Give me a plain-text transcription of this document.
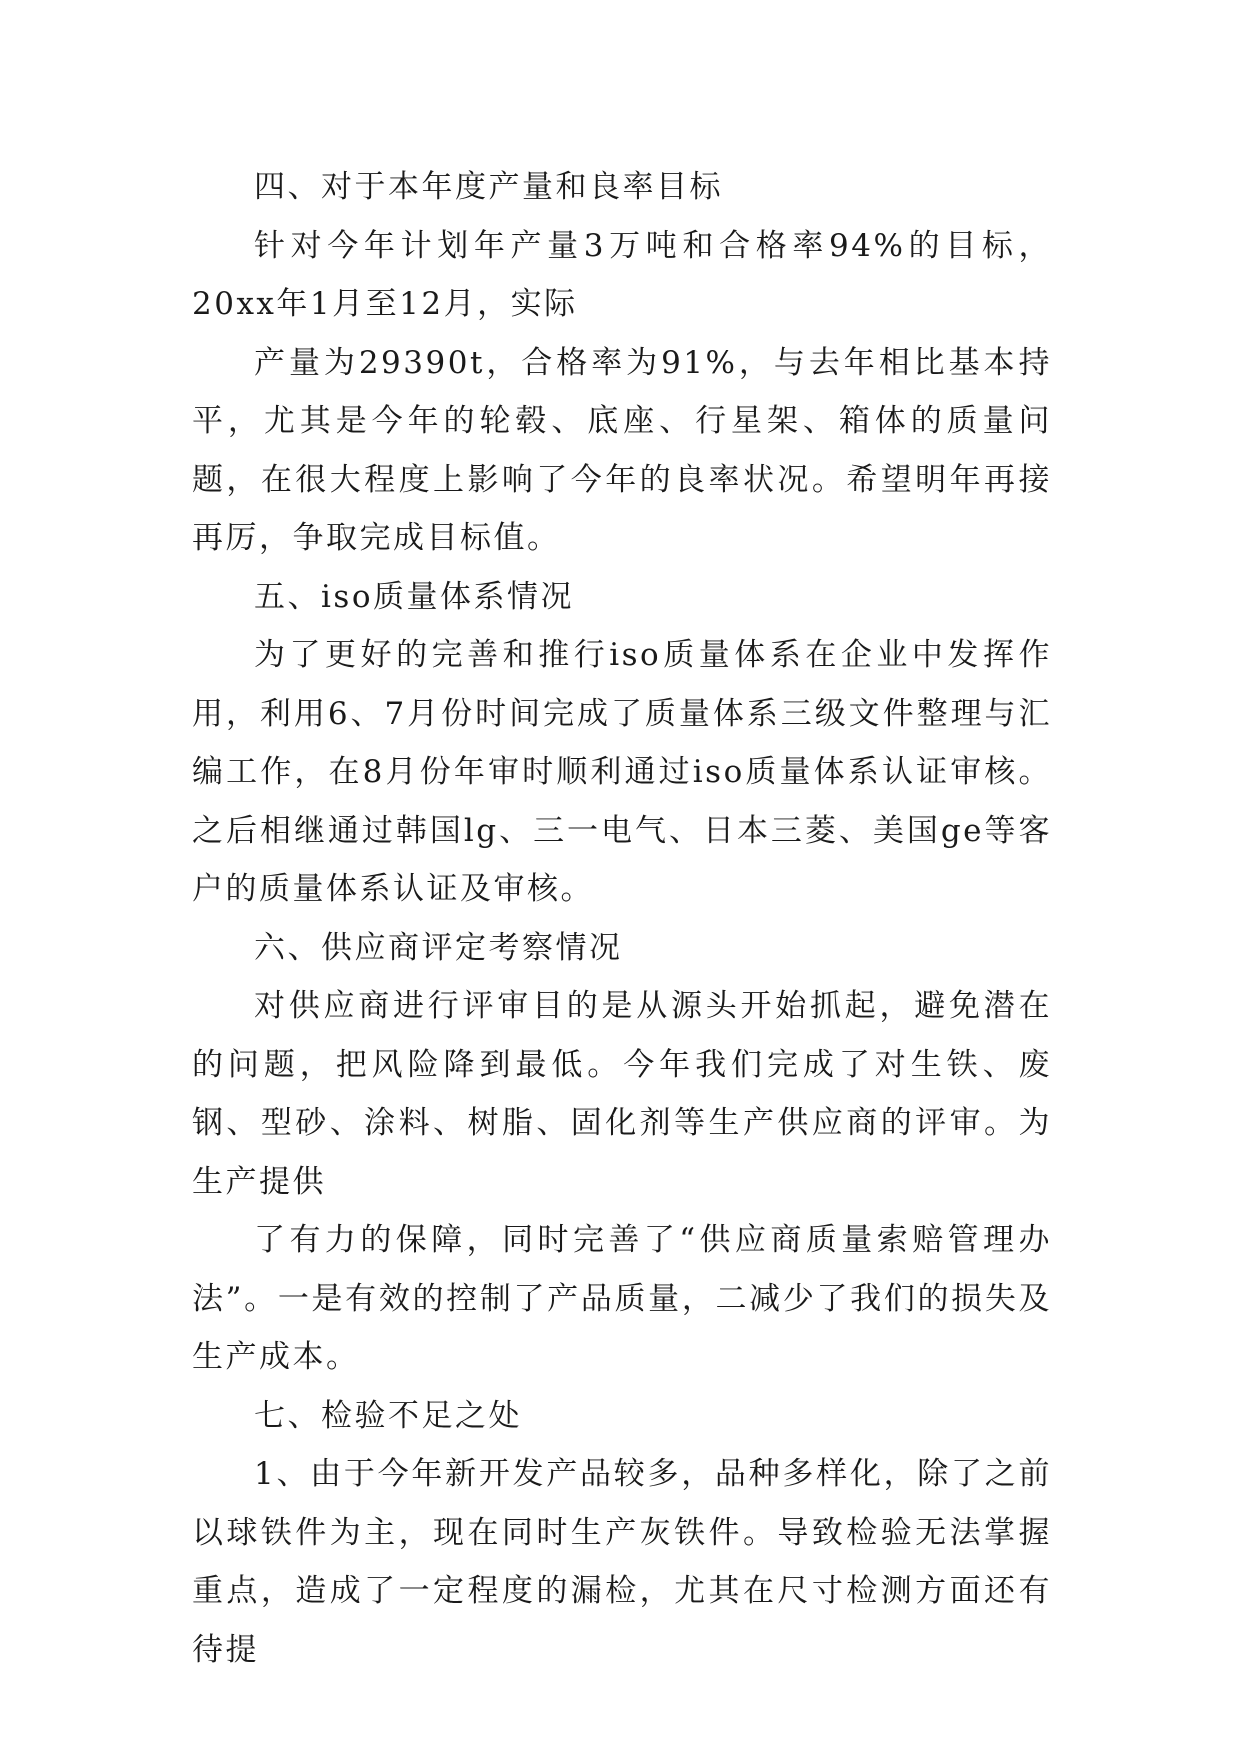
四、对于本年度产量和良率目标

针对今年计划年产量3万吨和合格率94%的目标，20xx年1月至12月，实际

产量为29390t，合格率为91%，与去年相比基本持平，尤其是今年的轮毂、底座、行星架、箱体的质量问题，在很大程度上影响了今年的良率状况。希望明年再接再厉，争取完成目标值。

五、iso质量体系情况

为了更好的完善和推行iso质量体系在企业中发挥作用，利用6、7月份时间完成了质量体系三级文件整理与汇编工作，在8月份年审时顺利通过iso质量体系认证审核。之后相继通过韩国lg、三一电气、日本三菱、美国ge等客户的质量体系认证及审核。

六、供应商评定考察情况

对供应商进行评审目的是从源头开始抓起，避免潜在的问题，把风险降到最低。今年我们完成了对生铁、废钢、型砂、涂料、树脂、固化剂等生产供应商的评审。为生产提供

了有力的保障，同时完善了“供应商质量索赔管理办法”。一是有效的控制了产品质量，二减少了我们的损失及生产成本。

七、检验不足之处

1、由于今年新开发产品较多，品种多样化，除了之前以球铁件为主，现在同时生产灰铁件。导致检验无法掌握重点，造成了一定程度的漏检，尤其在尺寸检测方面还有待提
